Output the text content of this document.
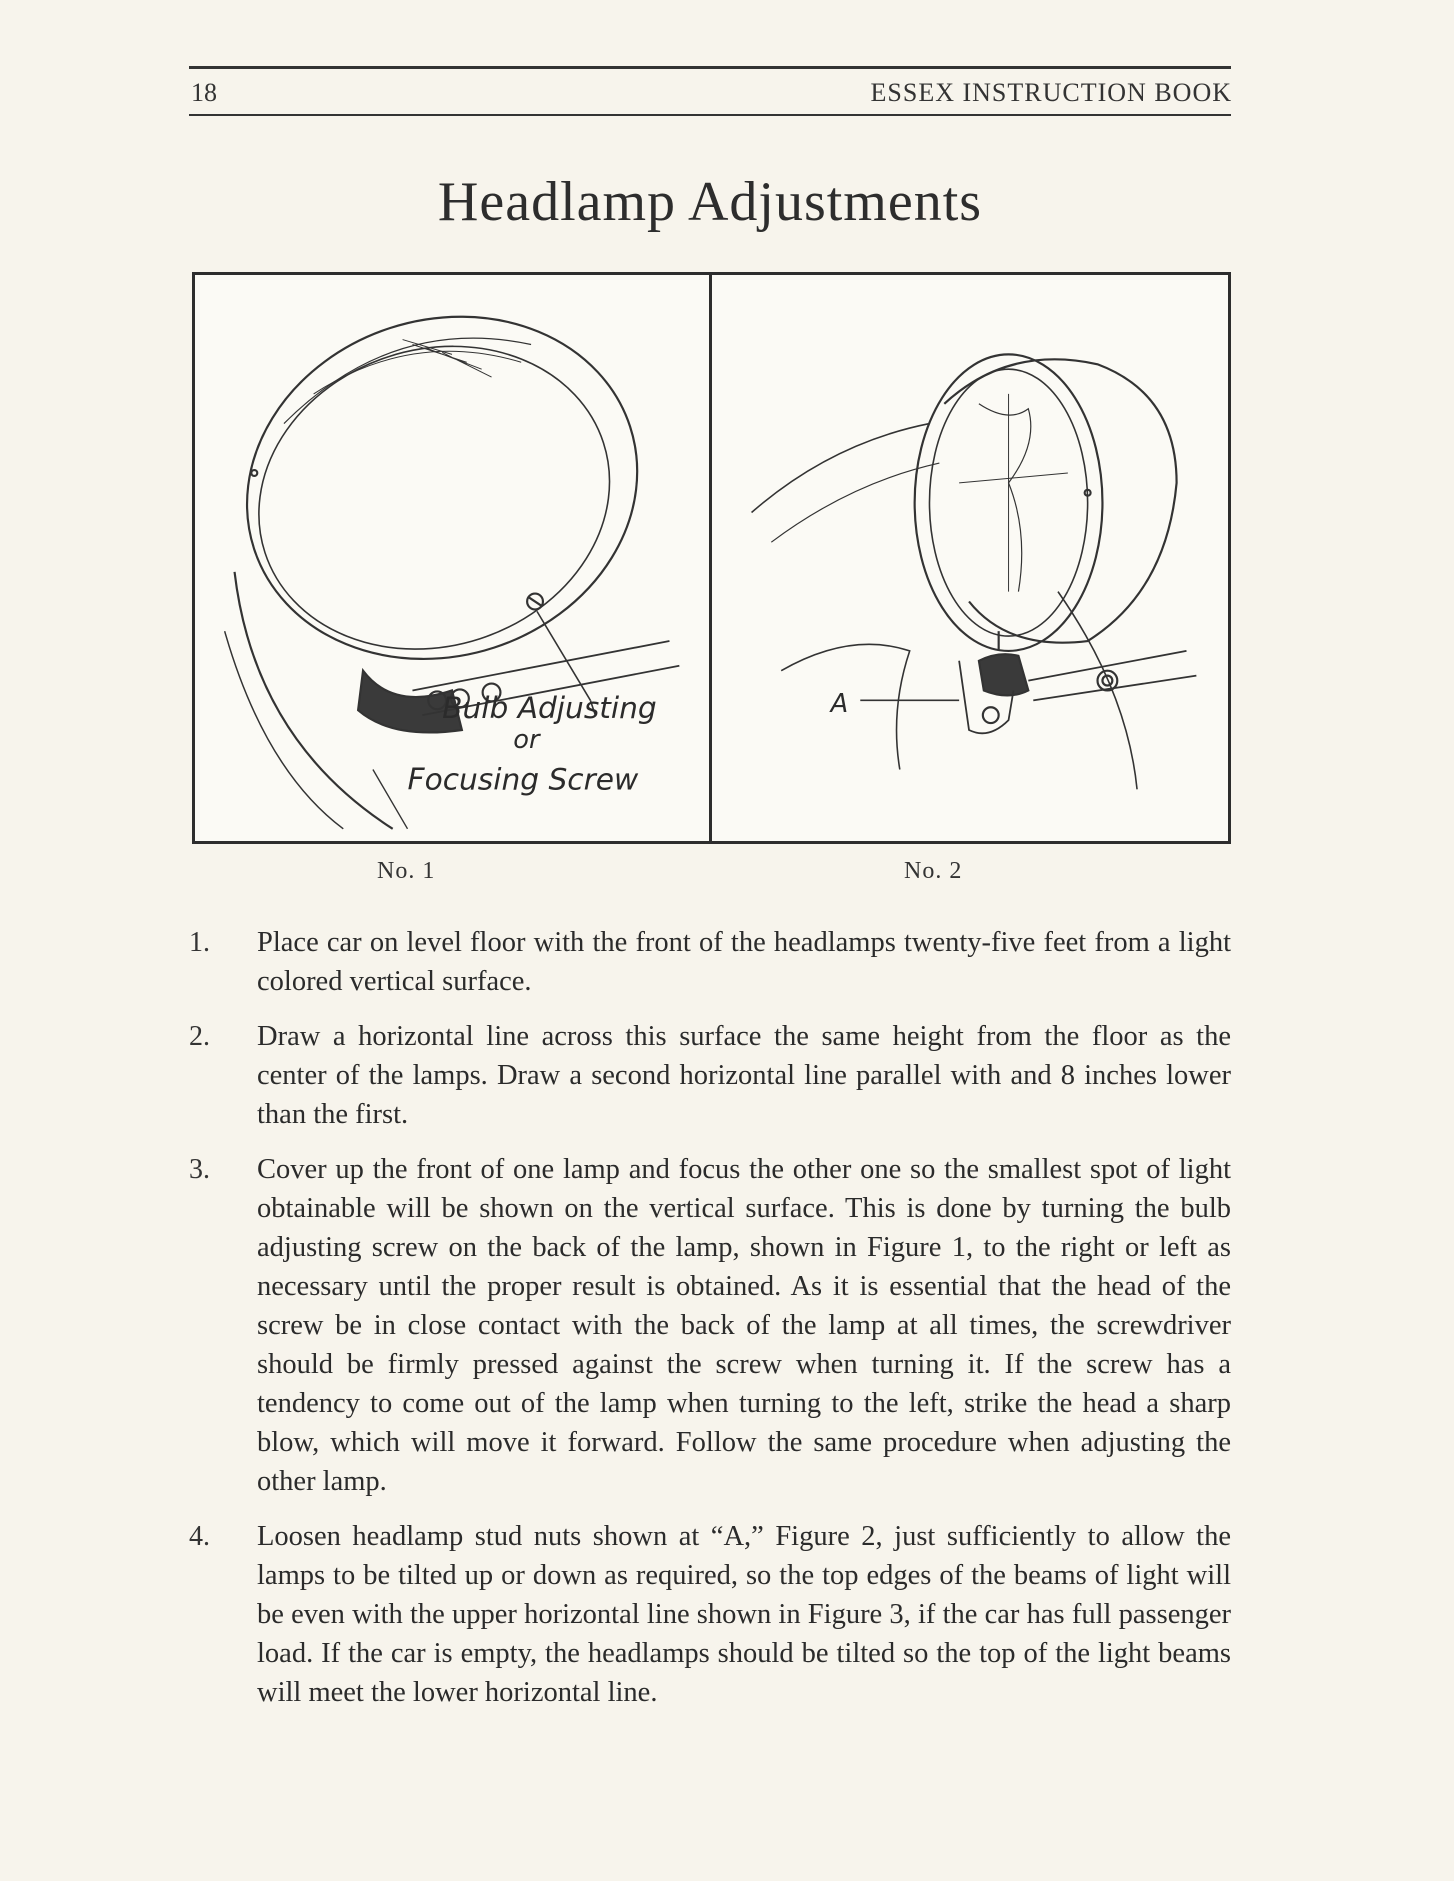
18	ESSEX INSTRUCTION BOOK
Headlamp Adjustments
Bulb Adjusting
or
Focusing Screw
A
No. 1	No. 2
1. Place car on level floor with the front of the headlamps twenty-five feet from a light colored vertical surface.
2. Draw a horizontal line across this surface the same height from the floor as the center of the lamps. Draw a second horizontal line parallel with and 8 inches lower than the first.
3. Cover up the front of one lamp and focus the other one so the smallest spot of light obtainable will be shown on the vertical surface. This is done by turning the bulb adjusting screw on the back of the lamp, shown in Figure 1, to the right or left as necessary until the proper result is obtained. As it is essential that the head of the screw be in close contact with the back of the lamp at all times, the screwdriver should be firmly pressed against the screw when turning it. If the screw has a tendency to come out of the lamp when turning to the left, strike the head a sharp blow, which will move it forward. Follow the same procedure when adjusting the other lamp.
4. Loosen headlamp stud nuts shown at “A,” Figure 2, just sufficiently to allow the lamps to be tilted up or down as required, so the top edges of the beams of light will be even with the upper horizontal line shown in Figure 3, if the car has full passenger load. If the car is empty, the headlamps should be tilted so the top of the light beams will meet the lower horizontal line.
